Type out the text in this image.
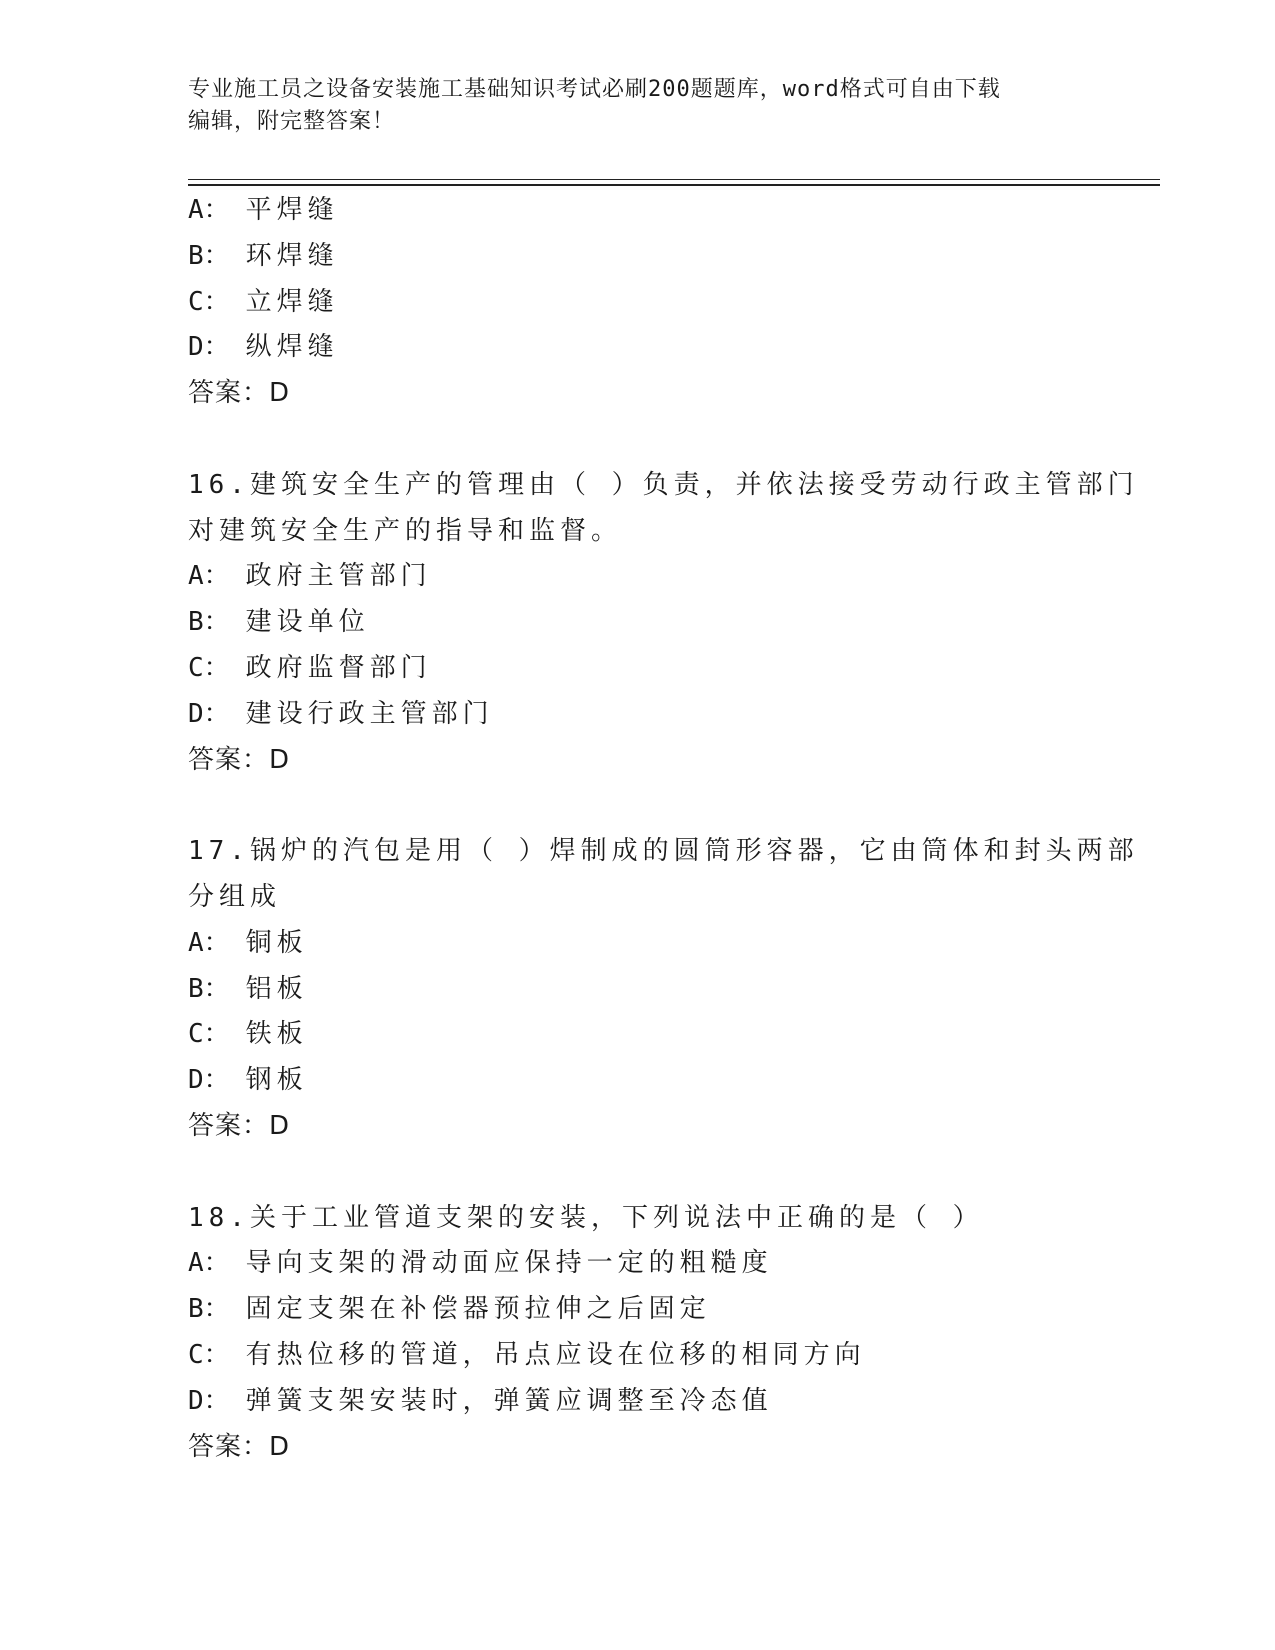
专业施工员之设备安装施工基础知识考试必刷200题题库，word格式可自由下载
编辑，附完整答案！
A： 平焊缝
B： 环焊缝
C： 立焊缝
D： 纵焊缝
答案：D
16.建筑安全生产的管理由（ ）负责，并依法接受劳动行政主管部门
对建筑安全生产的指导和监督。
A： 政府主管部门
B： 建设单位
C： 政府监督部门
D： 建设行政主管部门
答案：D
17.锅炉的汽包是用（ ）焊制成的圆筒形容器，它由筒体和封头两部
分组成
A： 铜板
B： 铝板
C： 铁板
D： 钢板
答案：D
18.关于工业管道支架的安装，下列说法中正确的是（ ）
A： 导向支架的滑动面应保持一定的粗糙度
B： 固定支架在补偿器预拉伸之后固定
C： 有热位移的管道，吊点应设在位移的相同方向
D： 弹簧支架安装时，弹簧应调整至冷态值
答案：D
